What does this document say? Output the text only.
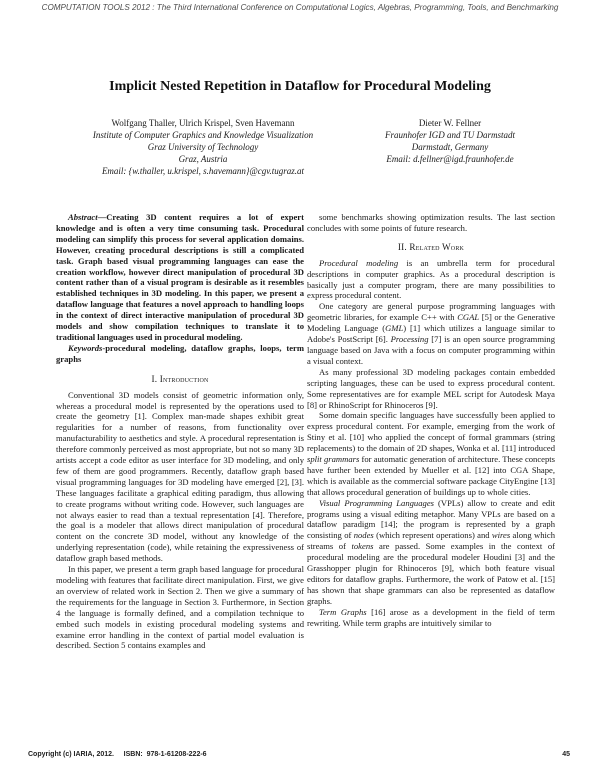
COMPUTATION TOOLS 2012 : The Third International Conference on Computational Logics, Algebras, Programming, Tools, and Benchmarking
Implicit Nested Repetition in Dataflow for Procedural Modeling
Wolfgang Thaller, Ulrich Krispel, Sven Havemann
Institute of Computer Graphics and Knowledge Visualization
Graz University of Technology
Graz, Austria
Email: {w.thaller, u.krispel, s.havemann}@cgv.tugraz.at
Dieter W. Fellner
Fraunhofer IGD and TU Darmstadt
Darmstadt, Germany
Email: d.fellner@igd.fraunhofer.de

Abstract—Creating 3D content requires a lot of expert knowledge and is often a very time consuming task. Procedural modeling can simplify this process for several application domains. However, creating procedural descriptions is still a complicated task. Graph based visual programming languages can ease the creation workflow, however direct manipulation of procedural 3D content rather than of a visual program is desirable as it resembles established techniques in 3D modeling. In this paper, we present a dataflow language that features a novel approach to handling loops in the context of direct interactive manipulation of procedural 3D models and show compilation techniques to translate it to traditional languages used in procedural modeling.

Keywords-procedural modeling, dataflow graphs, loops, term graphs

I. Introduction

Conventional 3D models consist of geometric information only, whereas a procedural model is represented by the operations used to create the geometry [1]. Complex man-made shapes exhibit great regularities for a number of reasons, from functionality over manufacturability to aesthetics and style. A procedural representation is therefore commonly perceived as most appropriate, but not so many 3D artists accept a code editor as user interface for 3D modeling, and only few of them are good programmers. Recently, dataflow graph based visual programming languages for 3D modeling have emerged [2], [3]. These languages facilitate a graphical editing paradigm, thus allowing to create programs without writing code. However, such languages are not always easier to read than a textual representation [4]. Therefore, the goal is a modeler that allows direct manipulation of procedural content on the concrete 3D model, without any knowledge of the underlying representation (code), while retaining the expressiveness of dataflow graph based methods.

In this paper, we present a term graph based language for procedural modeling with features that facilitate direct manipulation. First, we give an overview of related work in Section 2. Then we give a summary of the requirements for the language in Section 3. Furthermore, in Section 4 the language is formally defined, and a compilation technique to embed such models in existing procedural modeling systems and examine error handling in the context of partial model evaluation is described. Section 5 contains examples and

some benchmarks showing optimization results. The last section concludes with some points of future research.

II. Related Work

Procedural modeling is an umbrella term for procedural descriptions in computer graphics. As a procedural description is basically just a computer program, there are many possibilities to express procedural content.

One category are general purpose programming languages with geometric libraries, for example C++ with CGAL [5] or the Generative Modeling Language (GML) [1] which utilizes a language similar to Adobe's PostScript [6]. Processing [7] is an open source programming language based on Java with a focus on computer programming within a visual context.

As many professional 3D modeling packages contain embedded scripting languages, these can be used to express procedural content. Some representatives are for example MEL script for Autodesk Maya [8] or RhinoScript for Rhinoceros [9].

Some domain specific languages have successfully been applied to express procedural content. For example, emerging from the work of Stiny et al. [10] who applied the concept of formal grammars (string replacements) to the domain of 2D shapes, Wonka et al. [11] introduced split grammars for automatic generation of architecture. These concepts have further been extended by Mueller et al. [12] into CGA Shape, which is available as the commercial software package CityEngine [13] that allows procedural generation of buildings up to whole cities.

Visual Programming Languages (VPLs) allow to create and edit programs using a visual editing metaphor. Many VPLs are based on a dataflow paradigm [14]; the program is represented by a graph consisting of nodes (which represent operations) and wires along which streams of tokens are passed. Some examples in the context of procedural modeling are the procedural modeler Houdini [3] and the Grasshopper plugin for Rhinoceros [9], which both feature visual editors for dataflow graphs. Furthermore, the work of Patow et al. [15] has shown that shape grammars can also be represented as dataflow graphs.

Term Graphs [16] arose as a development in the field of term rewriting. While term graphs are intuitively similar to

Copyright (c) IARIA, 2012.     ISBN:  978-1-61208-222-6	45
